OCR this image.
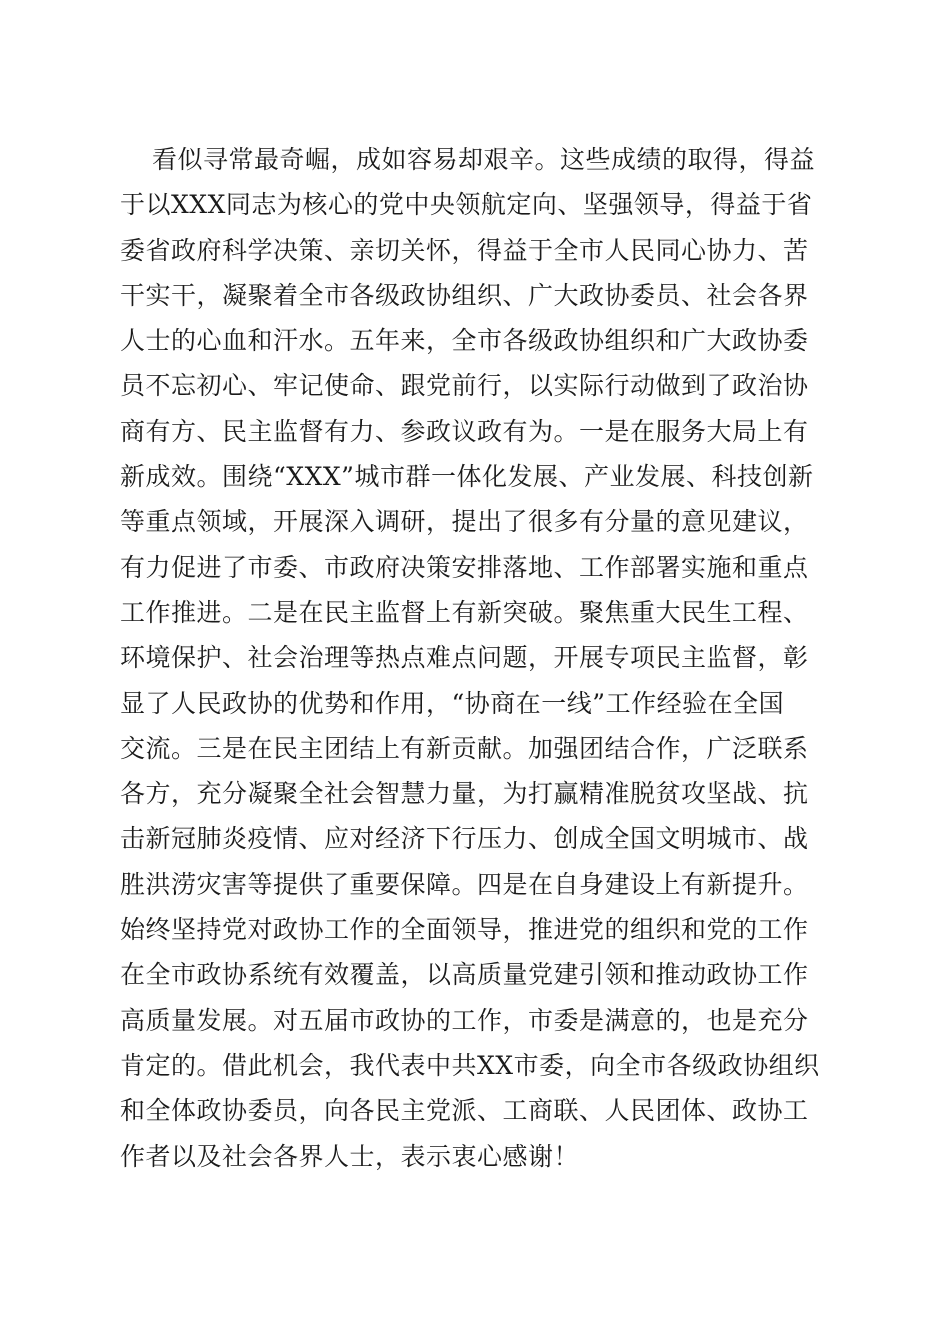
看似寻常最奇崛，成如容易却艰辛。这些成绩的取得，得益
于以XXX同志为核心的党中央领航定向、坚强领导，得益于省
委省政府科学决策、亲切关怀，得益于全市人民同心协力、苦
干实干，凝聚着全市各级政协组织、广大政协委员、社会各界
人士的心血和汗水。五年来，全市各级政协组织和广大政协委
员不忘初心、牢记使命、跟党前行，以实际行动做到了政治协
商有方、民主监督有力、参政议政有为。一是在服务大局上有
新成效。围绕“XXX”城市群一体化发展、产业发展、科技创新
等重点领域，开展深入调研，提出了很多有分量的意见建议，
有力促进了市委、市政府决策安排落地、工作部署实施和重点
工作推进。二是在民主监督上有新突破。聚焦重大民生工程、
环境保护、社会治理等热点难点问题，开展专项民主监督，彰
显了人民政协的优势和作用，“协商在一线”工作经验在全国
交流。三是在民主团结上有新贡献。加强团结合作，广泛联系
各方，充分凝聚全社会智慧力量，为打赢精准脱贫攻坚战、抗
击新冠肺炎疫情、应对经济下行压力、创成全国文明城市、战
胜洪涝灾害等提供了重要保障。四是在自身建设上有新提升。
始终坚持党对政协工作的全面领导，推进党的组织和党的工作
在全市政协系统有效覆盖，以高质量党建引领和推动政协工作
高质量发展。对五届市政协的工作，市委是满意的，也是充分
肯定的。借此机会，我代表中共XX市委，向全市各级政协组织
和全体政协委员，向各民主党派、工商联、人民团体、政协工
作者以及社会各界人士，表示衷心感谢！
